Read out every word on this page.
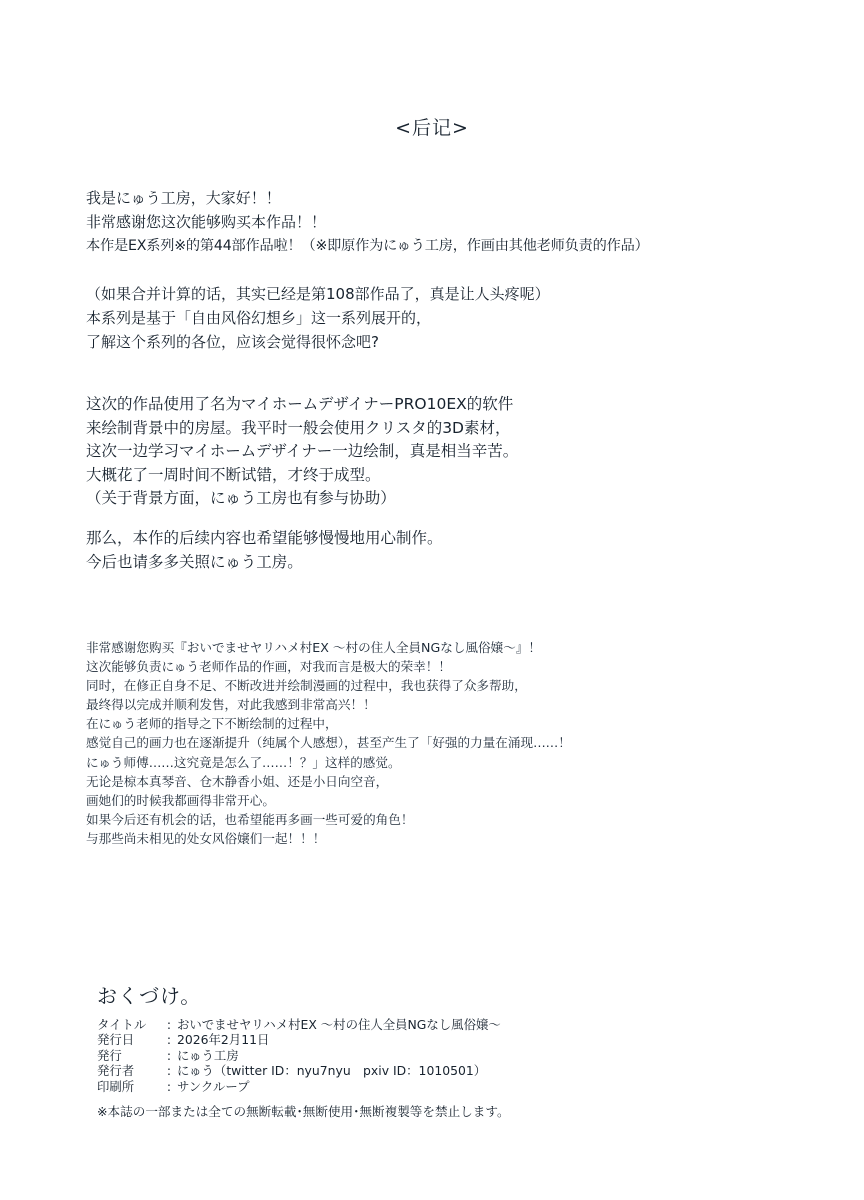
<后记>
我是にゅう工房，大家好！！
非常感谢您这次能够购买本作品！！
本作是EX系列※的第44部作品啦！（※即原作为にゅう工房，作画由其他老师负责的作品）
（如果合并计算的话，其实已经是第108部作品了，真是让人头疼呢）
本系列是基于「自由风俗幻想乡」这一系列展开的，
了解这个系列的各位，应该会觉得很怀念吧?
这次的作品使用了名为マイホームデザイナーPRO10EX的软件
来绘制背景中的房屋。我平时一般会使用クリスタ的3D素材，
这次一边学习マイホームデザイナー一边绘制，真是相当辛苦。
大概花了一周时间不断试错，才终于成型。
（关于背景方面，にゅう工房也有参与协助）
那么，本作的后续内容也希望能够慢慢地用心制作。
今后也请多多关照にゅう工房。
非常感谢您购买『おいでませヤリハメ村EX ～村の住人全員NGなし風俗嬢～』！
这次能够负责にゅう老师作品的作画，对我而言是极大的荣幸！！
同时，在修正自身不足、不断改进并绘制漫画的过程中，我也获得了众多帮助，
最终得以完成并顺利发售，对此我感到非常高兴！！
在にゅう老师的指导之下不断绘制的过程中，
感觉自己的画力也在逐渐提升（纯属个人感想），甚至产生了「好强的力量在涌现……！
にゅう师傅……这究竟是怎么了……！？」这样的感觉。
无论是椋本真琴音、仓木静香小姐、还是小日向空音，
画她们的时候我都画得非常开心。
如果今后还有机会的话，也希望能再多画一些可爱的角色！
与那些尚未相见的处女风俗嬢们一起！！！
おくづけ。
タイトル : おいでませヤリハメ村EX ～村の住人全員NGなし風俗嬢～
発行日	: 2026年2月11日
発行	: にゅう工房
発行者	: にゅう（twitter ID：nyu7nyu　pxiv ID：1010501）
印刷所	: サンクループ
※本誌の一部または全ての無断転載･無断使用･無断複製等を禁止します。
